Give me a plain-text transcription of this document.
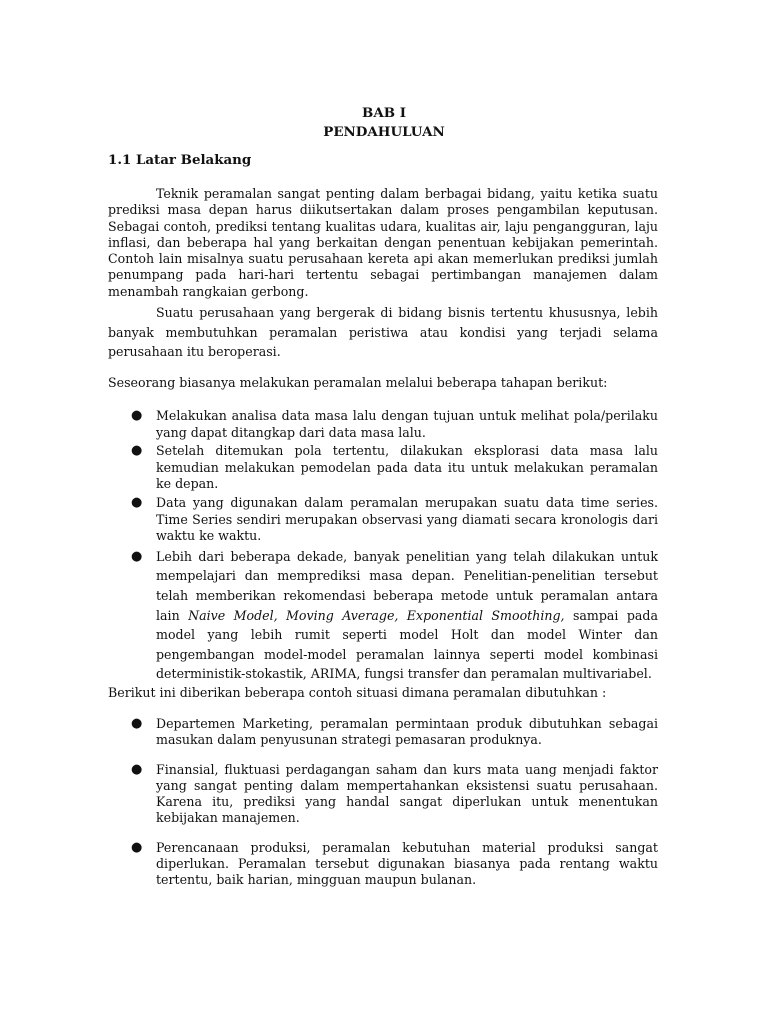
BAB I
PENDAHULUAN
1.1 Latar Belakang
Teknik peramalan sangat penting dalam berbagai bidang, yaitu ketika suatu prediksi masa depan harus diikutsertakan dalam proses pengambilan keputusan. Sebagai contoh, prediksi tentang kualitas udara, kualitas air, laju pengangguran, laju inflasi, dan beberapa hal yang berkaitan dengan penentuan kebijakan pemerintah. Contoh lain misalnya suatu perusahaan kereta api akan memerlukan prediksi jumlah penumpang pada hari-hari tertentu sebagai pertimbangan manajemen dalam menambah rangkaian gerbong.
Suatu perusahaan yang bergerak di bidang bisnis tertentu khususnya, lebih banyak membutuhkan peramalan peristiwa atau kondisi yang terjadi selama perusahaan itu beroperasi.
Seseorang biasanya melakukan peramalan melalui beberapa tahapan berikut:
● Melakukan analisa data masa lalu dengan tujuan untuk melihat pola/perilaku yang dapat ditangkap dari data masa lalu.
● Setelah ditemukan pola tertentu, dilakukan eksplorasi data masa lalu kemudian melakukan pemodelan pada data itu untuk melakukan peramalan ke depan.
● Data yang digunakan dalam peramalan merupakan suatu data time series. Time Series sendiri merupakan observasi yang diamati secara kronologis dari waktu ke waktu.
● Lebih dari beberapa dekade, banyak penelitian yang telah dilakukan untuk mempelajari dan memprediksi masa depan. Penelitian-penelitian tersebut telah memberikan rekomendasi beberapa metode untuk peramalan antara lain Naive Model, Moving Average, Exponential Smoothing, sampai pada model yang lebih rumit seperti model Holt dan model Winter dan pengembangan model-model peramalan lainnya seperti model kombinasi deterministik-stokastik, ARIMA, fungsi transfer dan peramalan multivariabel.
Berikut ini diberikan beberapa contoh situasi dimana peramalan dibutuhkan :
● Departemen Marketing, peramalan permintaan produk dibutuhkan sebagai masukan dalam penyusunan strategi pemasaran produknya.
● Finansial, fluktuasi perdagangan saham dan kurs mata uang menjadi faktor yang sangat penting dalam mempertahankan eksistensi suatu perusahaan. Karena itu, prediksi yang handal sangat diperlukan untuk menentukan kebijakan manajemen.
● Perencanaan produksi, peramalan kebutuhan material produksi sangat diperlukan. Peramalan tersebut digunakan biasanya pada rentang waktu tertentu, baik harian, mingguan maupun bulanan.
